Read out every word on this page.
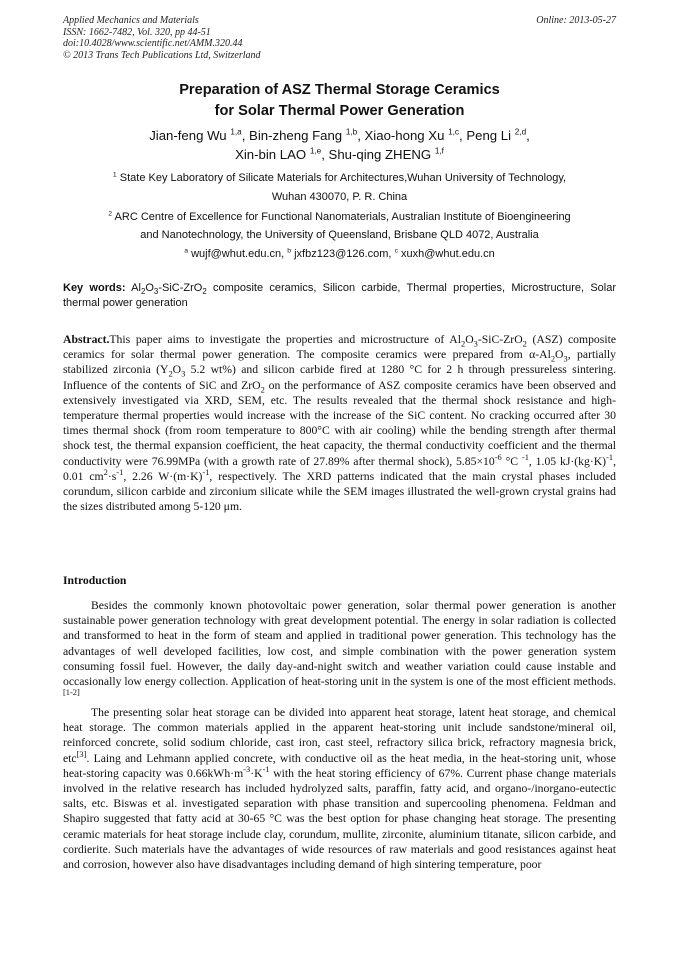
Applied Mechanics and Materials
ISSN: 1662-7482, Vol. 320, pp 44-51
doi:10.4028/www.scientific.net/AMM.320.44
© 2013 Trans Tech Publications Ltd, Switzerland
Online: 2013-05-27
Preparation of ASZ Thermal Storage Ceramics
for Solar Thermal Power Generation
Jian-feng Wu $^{1,a}$, Bin-zheng Fang $^{1,b}$, Xiao-hong Xu $^{1,c}$, Peng Li $^{2,d}$,
Xin-bin LAO $^{1,e}$, Shu-qing ZHENG $^{1,f}$
$^1$ State Key Laboratory of Silicate Materials for Architectures,Wuhan University of Technology,
Wuhan 430070, P. R. China
$^2$ ARC Centre of Excellence for Functional Nanomaterials, Australian Institute of Bioengineering
and Nanotechnology, the University of Queensland, Brisbane QLD 4072, Australia
$^a$ wujf@whut.edu.cn, $^b$ jxfbz123@126.com, $^c$ xuxh@whut.edu.cn
Key words: $Al_2O_3-SiC-ZrO_2$ composite ceramics, Silicon carbide, Thermal properties, Microstructure, Solar thermal power generation
Abstract.This paper aims to investigate the properties and microstructure of $Al_2O_3-SiC-ZrO_2$ (ASZ) composite ceramics for solar thermal power generation. The composite ceramics were prepared from $\alpha-Al_2O_3$, partially stabilized zirconia ($Y_2O_3$ 5.2 wt%) and silicon carbide fired at 1280 °C for 2 h through pressureless sintering. Influence of the contents of SiC and ZrO$_2$ on the performance of ASZ composite ceramics have been observed and extensively investigated via XRD, SEM, etc. The results revealed that the thermal shock resistance and high-temperature thermal properties would increase with the increase of the SiC content. No cracking occurred after 30 times thermal shock (from room temperature to 800°C with air cooling) while the bending strength after thermal shock test, the thermal expansion coefficient, the heat capacity, the thermal conductivity coefficient and the thermal conductivity were 76.99MPa (with a growth rate of 27.89% after thermal shock), $5.85\times 10^{-6}$ °C $^{-1}$, 1.05 $kJ\cdot(kg\cdot K)^{-1}$, 0.01 $cm^2\cdot s^{-1}$, 2.26 $W\cdot(m\cdot K)^{-1}$, respectively. The XRD patterns indicated that the main crystal phases included corundum, silicon carbide and zirconium silicate while the SEM images illustrated the well-grown crystal grains had the sizes distributed among 5-120 μm.
Introduction
Besides the commonly known photovoltaic power generation, solar thermal power generation is another sustainable power generation technology with great development potential. The energy in solar radiation is collected and transformed to heat in the form of steam and applied in traditional power generation. This technology has the advantages of well developed facilities, low cost, and simple combination with the power generation system consuming fossil fuel. However, the daily day-and-night switch and weather variation could cause instable and occasionally low energy collection. Application of heat-storing unit in the system is one of the most efficient methods.[1-2]
The presenting solar heat storage can be divided into apparent heat storage, latent heat storage, and chemical heat storage. The common materials applied in the apparent heat-storing unit include sandstone/mineral oil, reinforced concrete, solid sodium chloride, cast iron, cast steel, refractory silica brick, refractory magnesia brick, etc[3]. Laing and Lehmann applied concrete, with conductive oil as the heat media, in the heat-storing unit, whose heat-storing capacity was $0.66kWh\cdot m^{-3}\cdot K^{-1}$ with the heat storing efficiency of 67%. Current phase change materials involved in the relative research has included hydrolyzed salts, paraffin, fatty acid, and organo-/inorgano-eutectic salts, etc. Biswas et al. investigated separation with phase transition and supercooling phenomena. Feldman and Shapiro suggested that fatty acid at 30-65 °C was the best option for phase changing heat storage. The presenting ceramic materials for heat storage include clay, corundum, mullite, zirconite, aluminium titanate, silicon carbide, and cordierite. Such materials have the advantages of wide resources of raw materials and good resistances against heat and corrosion, however also have disadvantages including demand of high sintering temperature, poor
